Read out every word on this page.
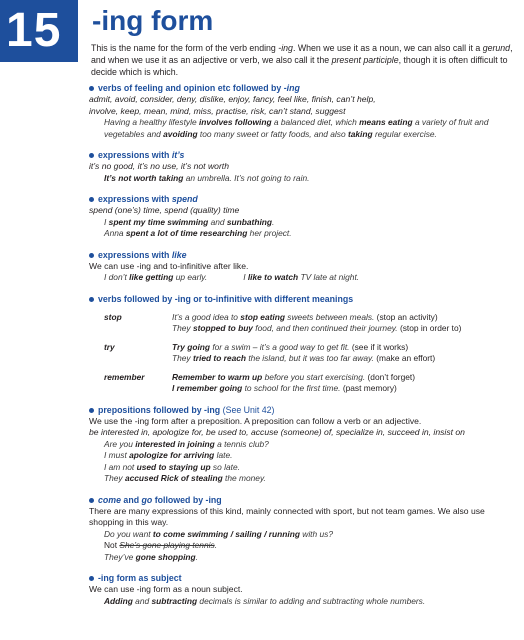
15 -ing form
This is the name for the form of the verb ending -ing. When we use it as a noun, we can also call it a gerund, and when we use it as an adjective or verb, we also call it the present participle, though it is often difficult to decide which is which.
verbs of feeling and opinion etc followed by -ing
admit, avoid, consider, deny, dislike, enjoy, fancy, feel like, finish, can’t help,
involve, keep, mean, mind, miss, practise, risk, can’t stand, suggest
Having a healthy lifestyle involves following a balanced diet, which means eating a variety of fruit and vegetables and avoiding too many sweet or fatty foods, and also taking regular exercise.
expressions with it’s
it’s no good, it’s no use, it’s not worth
It’s not worth taking an umbrella. It’s not going to rain.
expressions with spend
spend (one’s) time, spend (quality) time
I spent my time swimming and sunbathing.
Anna spent a lot of time researching her project.
expressions with like
We can use -ing and to-infinitive after like.
I don’t like getting up early.	I like to watch TV late at night.
verbs followed by -ing or to-infinitive with different meanings
stop	It’s a good idea to stop eating sweets between meals. (stop an activity)
They stopped to buy food, and then continued their journey. (stop in order to)
try	Try going for a swim – it’s a good way to get fit. (see if it works)
They tried to reach the island, but it was too far away. (make an effort)
remember	Remember to warm up before you start exercising. (don’t forget)
I remember going to school for the first time. (past memory)
prepositions followed by -ing (See Unit 42)
We use the -ing form after a preposition. A preposition can follow a verb or an adjective.
be interested in, apologize for, be used to, accuse (someone) of, specialize in, succeed in, insist on
Are you interested in joining a tennis club?
I must apologize for arriving late.
I am not used to staying up so late.
They accused Rick of stealing the money.
come and go followed by -ing
There are many expressions of this kind, mainly connected with sport, but not team games. We also use shopping in this way.
Do you want to come swimming / sailing / running with us?
Not She’s gone playing tennis.
They’ve gone shopping.
-ing form as subject
We can use -ing form as a noun subject.
Adding and subtracting decimals is similar to adding and subtracting whole numbers.
